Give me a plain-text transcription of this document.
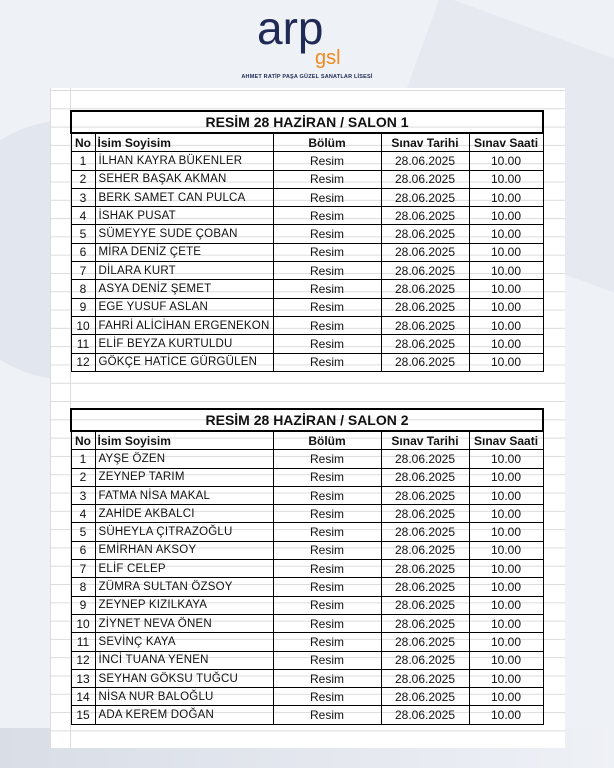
arp
gsl
AHMET RATİP PAŞA GÜZEL SANATLAR LİSESİ
RESİM 28 HAZİRAN / SALON 1				
No	İsim Soyisim	Bölüm	Sınav Tarihi	Sınav Saati
1	İLHAN KAYRA BÜKENLER	Resim	28.06.2025	10.00
2	SEHER BAŞAK AKMAN	Resim	28.06.2025	10.00
3	BERK SAMET CAN PULCA	Resim	28.06.2025	10.00
4	İSHAK PUSAT	Resim	28.06.2025	10.00
5	SÜMEYYE SUDE ÇOBAN	Resim	28.06.2025	10.00
6	MİRA DENİZ ÇETE	Resim	28.06.2025	10.00
7	DİLARA KURT	Resim	28.06.2025	10.00
8	ASYA DENİZ ŞEMET	Resim	28.06.2025	10.00
9	EGE YUSUF ASLAN	Resim	28.06.2025	10.00
10	FAHRİ ALİCİHAN ERGENEKON	Resim	28.06.2025	10.00
11	ELİF BEYZA KURTULDU	Resim	28.06.2025	10.00
12	GÖKÇE HATİCE GÜRGÜLEN	Resim	28.06.2025	10.00
RESİM 28 HAZİRAN / SALON 2				
No	İsim Soyisim	Bölüm	Sınav Tarihi	Sınav Saati
1	AYŞE ÖZEN	Resim	28.06.2025	10.00
2	ZEYNEP TARIM	Resim	28.06.2025	10.00
3	FATMA NİSA MAKAL	Resim	28.06.2025	10.00
4	ZAHİDE AKBALCI	Resim	28.06.2025	10.00
5	SÜHEYLA ÇITRAZOĞLU	Resim	28.06.2025	10.00
6	EMİRHAN AKSOY	Resim	28.06.2025	10.00
7	ELİF CELEP	Resim	28.06.2025	10.00
8	ZÜMRA SULTAN ÖZSOY	Resim	28.06.2025	10.00
9	ZEYNEP KIZILKAYA	Resim	28.06.2025	10.00
10	ZİYNET NEVA ÖNEN	Resim	28.06.2025	10.00
11	SEVİNÇ KAYA	Resim	28.06.2025	10.00
12	İNCİ TUANA YENEN	Resim	28.06.2025	10.00
13	SEYHAN GÖKSU TUĞCU	Resim	28.06.2025	10.00
14	NİSA NUR BALOĞLU	Resim	28.06.2025	10.00
15	ADA KEREM DOĞAN	Resim	28.06.2025	10.00
